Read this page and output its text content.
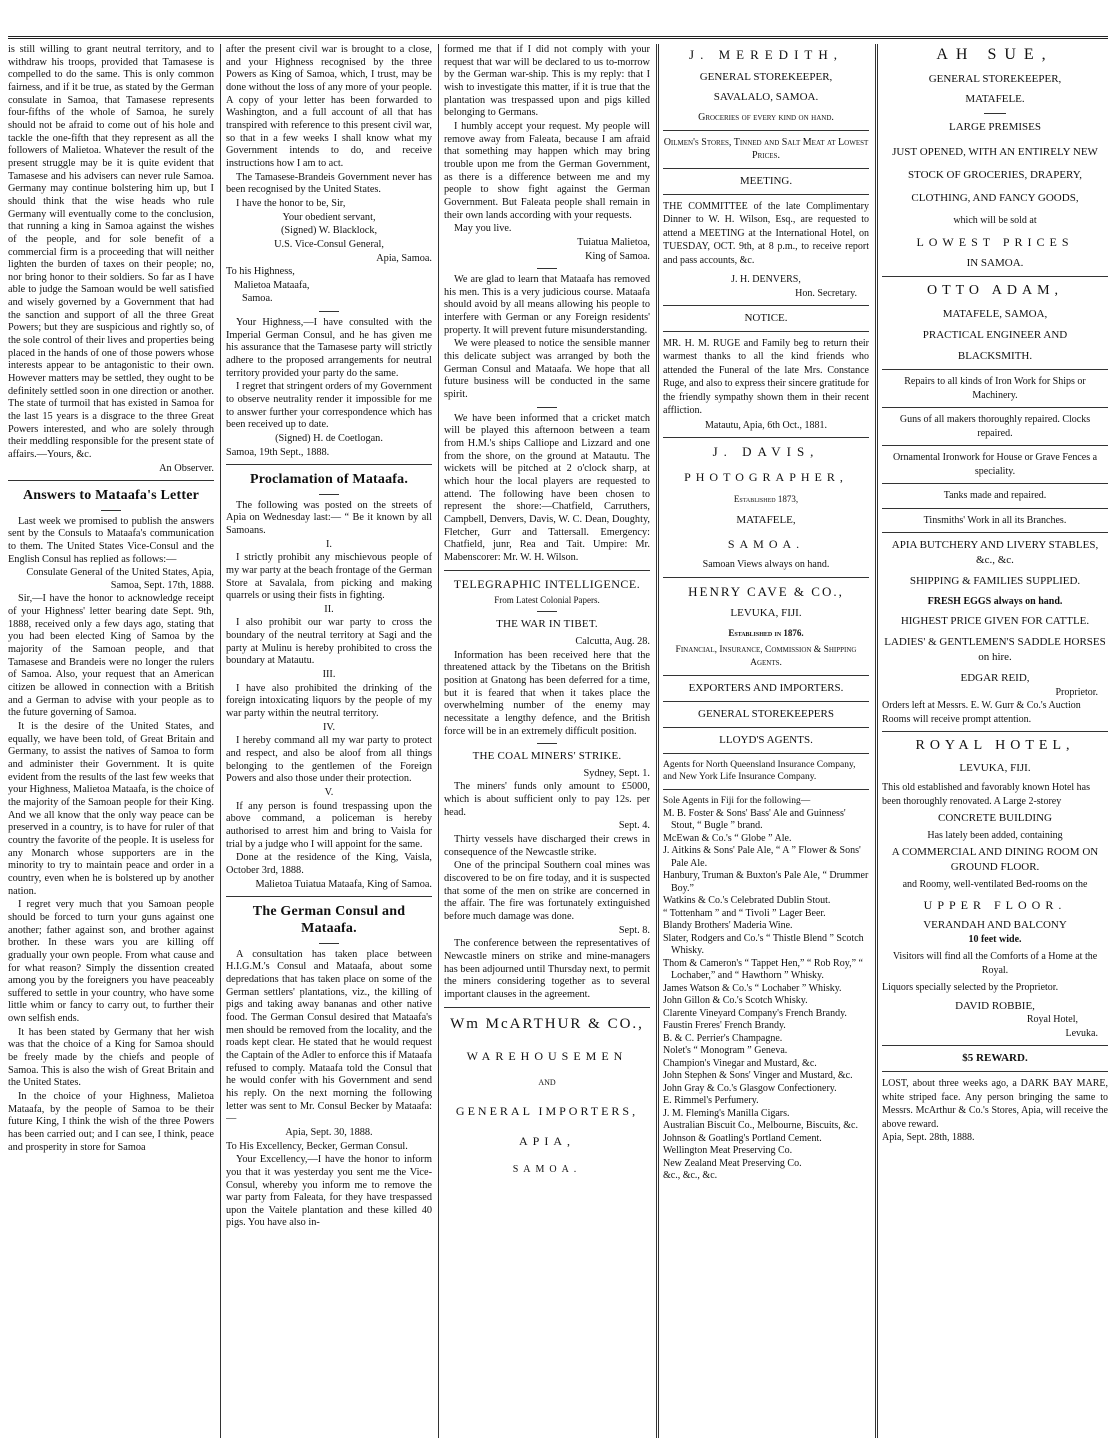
is still willing to grant neutral territory, and to withdraw his troops, provided that Tamasese is compelled to do the same. This is only common fairness, and if it be true, as stated by the German consulate in Samoa, that Tamasese represents four-fifths of the whole of Samoa, he surely should not be afraid to come out of his hole and tackle the one-fifth that they represent as all the followers of Malietoa. Whatever the result of the present struggle may be it is quite evident that Tamasese and his advisers can never rule Samoa. Germany may continue bolstering him up, but I should think that the wise heads who rule Germany will eventually come to the conclusion, that running a king in Samoa against the wishes of the people, and for sole benefit of a commercial firm is a proceeding that will neither lighten the burden of taxes on their people; no, nor bring honor to their soldiers. So far as I have able to judge the Samoan would be well satisfied and wisely governed by a Government that had the sanction and support of all the three Great Powers; but they are suspicious and rightly so, of the sole control of their lives and properties being placed in the hands of one of those powers whose interests appear to be antagonistic to their own. However matters may be settled, they ought to be definitely settled soon in one direction or another. The state of turmoil that has existed in Samoa for the last 15 years is a disgrace to the three Great Powers interested, and who are solely through their meddling responsible for the present state of affairs.—Yours, &c.

An Observer.

Answers to Mataafa's Letter

Last week we promised to publish the answers sent by the Consuls to Mataafa's communication to them. The United States Vice-Consul and the English Consul has replied as follows:—

Consulate General of the United States, Apia, Samoa, Sept. 17th, 1888.

Sir,—I have the honor to acknowledge receipt of your Highness' letter bearing date Sept. 9th, 1888, received only a few days ago, stating that you had been elected King of Samoa by the majority of the Samoan people, and that Tamasese and Brandeis were no longer the rulers of Samoa. Also, your request that an American citizen be allowed in connection with a British and a German to advise with your people as to the future governing of Samoa.

It is the desire of the United States, and equally, we have been told, of Great Britain and Germany, to assist the natives of Samoa to form and administer their Government. It is quite evident from the results of the last few weeks that your Highness, Malietoa Mataafa, is the choice of the majority of the Samoan people for their King. And we all know that the only way peace can be preserved in a country, is to have for ruler of that country the favorite of the people. It is useless for any Monarch whose supporters are in the minority to try to maintain peace and order in a country, even when he is bolstered up by another nation.

I regret very much that you Samoan people should be forced to turn your guns against one another; father against son, and brother against brother. In these wars you are killing off gradually your own people. From what cause and for what reason? Simply the dissention created among you by the foreigners you have peaceably suffered to settle in your country, who have some little whim or fancy to carry out, to further their own selfish ends.

It has been stated by Germany that her wish was that the choice of a King for Samoa should be freely made by the chiefs and people of Samoa. This is also the wish of Great Britain and the United States.

In the choice of your Highness, Malietoa Mataafa, by the people of Samoa to be their future King, I think the wish of the three Powers has been carried out; and I can see, I think, peace and prosperity in store for Samoa

after the present civil war is brought to a close, and your Highness recognised by the three Powers as King of Samoa, which, I trust, may be done without the loss of any more of your people. A copy of your letter has been forwarded to Washington, and a full account of all that has transpired with reference to this present civil war, so that in a few weeks I shall know what my Government intends to do, and receive instructions how I am to act.

The Tamasese-Brandeis Government never has been recognised by the United States.

I have the honor to be, Sir,

Your obedient servant,

(Signed) W. Blacklock,

U.S. Vice-Consul General,

Apia, Samoa.

To his Highness,

Malietoa Mataafa,

Samoa.

Your Highness,—I have consulted with the Imperial German Consul, and he has given me his assurance that the Tamasese party will strictly adhere to the proposed arrangements for neutral territory provided your party do the same.

I regret that stringent orders of my Government to observe neutrality render it impossible for me to answer further your correspondence which has been received up to date.

(Signed) H. de Coetlogan.

Samoa, 19th Sept., 1888.

Proclamation of Mataafa.

The following was posted on the streets of Apia on Wednesday last:— “ Be it known by all Samoans.

I.

I strictly prohibit any mischievous people of my war party at the beach frontage of the German Store at Savalala, from picking and making quarrels or using their fists in fighting.

II.

I also prohibit our war party to cross the boundary of the neutral territory at Sagi and the party at Mulinu is hereby prohibited to cross the boundary at Matautu.

III.

I have also prohibited the drinking of the foreign intoxicating liquors by the people of my war party within the neutral territory.

IV.

I hereby command all my war party to protect and respect, and also be aloof from all things belonging to the gentlemen of the Foreign Powers and also those under their protection.

V.

If any person is found trespassing upon the above command, a policeman is hereby authorised to arrest him and bring to Vaisla for trial by a judge who I will appoint for the same.

Done at the residence of the King, Vaisla, October 3rd, 1888.

Malietoa Tuiatua Mataafa, King of Samoa.

The German Consul and Mataafa.

A consultation has taken place between H.I.G.M.'s Consul and Mataafa, about some depredations that has taken place on some of the German settlers' plantations, viz., the killing of pigs and taking away bananas and other native food. The German Consul desired that Mataafa's men should be removed from the locality, and the roads kept clear. He stated that he would request the Captain of the Adler to enforce this if Mataafa refused to comply. Mataafa told the Consul that he would confer with his Government and send his reply. On the next morning the following letter was sent to Mr. Consul Becker by Mataafa:—

Apia, Sept. 30, 1888.

To His Excellency, Becker, German Consul.

Your Excellency,—I have the honor to inform you that it was yesterday you sent me the Vice-Consul, whereby you inform me to remove the war party from Faleata, for they have trespassed upon the Vaitele plantation and these killed 40 pigs. You have also in-

formed me that if I did not comply with your request that war will be declared to us to-morrow by the German war-ship. This is my reply: that I wish to investigate this matter, if it is true that the plantation was trespassed upon and pigs killed belonging to Germans.

I humbly accept your request. My people will remove away from Faleata, because I am afraid that something may happen which may bring trouble upon me from the German Government, as there is a difference between me and my people to show fight against the German Government. But Faleata people shall remain in their own lands according with your requests.

May you live.

Tuiatua Malietoa,

King of Samoa.

We are glad to learn that Mataafa has removed his men. This is a very judicious course. Mataafa should avoid by all means allowing his people to interfere with German or any Foreign residents' property. It will prevent future misunderstanding.

We were pleased to notice the sensible manner this delicate subject was arranged by both the German Consul and Mataafa. We hope that all future business will be conducted in the same spirit.

We have been informed that a cricket match will be played this afternoon between a team from H.M.'s ships Calliope and Lizzard and one from the shore, on the ground at Matautu. The wickets will be pitched at 2 o'clock sharp, at which hour the local players are requested to attend. The following have been chosen to represent the shore:—Chatfield, Carruthers, Campbell, Denvers, Davis, W. C. Dean, Doughty, Fletcher, Gurr and Tattersall. Emergency: Chatfield, junr, Rea and Tait. Umpire: Mr. Mabenscorer: Mr. W. H. Wilson.

TELEGRAPHIC INTELLIGENCE.

From Latest Colonial Papers.

THE WAR IN TIBET.

Calcutta, Aug. 28.

Information has been received here that the threatened attack by the Tibetans on the British position at Gnatong has been deferred for a time, but it is feared that when it takes place the overwhelming number of the enemy may necessitate a lengthy defence, and the British force will be in an extremely difficult position.

THE COAL MINERS' STRIKE.

Sydney, Sept. 1.

The miners' funds only amount to £5000, which is about sufficient only to pay 12s. per head.

Sept. 4.

Thirty vessels have discharged their crews in consequence of the Newcastle strike.

One of the principal Southern coal mines was discovered to be on fire today, and it is suspected that some of the men on strike are concerned in the affair. The fire was fortunately extinguished before much damage was done.

Sept. 8.

The conference between the representatives of Newcastle miners on strike and mine-managers has been adjourned until Thursday next, to permit the miners considering together as to several important clauses in the agreement.

Wm McARTHUR & CO.,
WAREHOUSEMEN
AND
GENERAL IMPORTERS,
APIA,
SAMOA.
J. MEREDITH,
GENERAL STOREKEEPER,
SAVALALO, SAMOA.
Groceries of every kind on hand.
Oilmen's Stores, Tinned and Salt Meat at Lowest Prices.
MEETING.

THE COMMITTEE of the late Complimentary Dinner to W. H. Wilson, Esq., are requested to attend a MEETING at the International Hotel, on TUESDAY, OCT. 9th, at 8 p.m., to receive report and pass accounts, &c.

J. H. DENVERS,
Hon. Secretary.
NOTICE.

MR. H. M. RUGE and Family beg to return their warmest thanks to all the kind friends who attended the Funeral of the late Mrs. Constance Ruge, and also to express their sincere gratitude for the friendly sympathy shown them in their recent affliction.

Matautu, Apia, 6th Oct., 1881.
J. DAVIS,
PHOTOGRAPHER,
Established 1873,
MATAFELE,
SAMOA.
Samoan Views always on hand.
HENRY CAVE & CO.,
LEVUKA, FIJI.
Established in 1876.
Financial, Insurance, Commission & Shipping Agents.
EXPORTERS AND IMPORTERS.
GENERAL STOREKEEPERS
LLOYD'S AGENTS.

Agents for North Queensland Insurance Company, and New York Life Insurance Company.

Sole Agents in Fiji for the following—
M. B. Foster & Sons' Bass' Ale and Guinness' Stout, “ Bugle ” brand.
McEwan & Co.'s “ Globe ” Ale.
J. Aitkins & Sons' Pale Ale, “ A ” Flower & Sons' Pale Ale.
Hanbury, Truman & Buxton's Pale Ale, “ Drummer Boy.”
Watkins & Co.'s Celebrated Dublin Stout.
“ Tottenham ” and “ Tivoli ” Lager Beer.
Blandy Brothers' Maderia Wine.
Slater, Rodgers and Co.'s “ Thistle Blend ” Scotch Whisky.
Thom & Cameron's “ Tappet Hen,” “ Rob Roy,” “ Lochaber,” and “ Hawthorn ” Whisky.
James Watson & Co.'s “ Lochaber ” Whisky.
John Gillon & Co.'s Scotch Whisky.
Clarente Vineyard Company's French Brandy.
Faustin Freres' French Brandy.
B. & C. Perrier's Champagne.
Nolet's “ Monogram ” Geneva.
Champion's Vinegar and Mustard, &c.
John Stephen & Sons' Vinger and Mustard, &c.
John Gray & Co.'s Glasgow Confectionery.
E. Rimmel's Perfumery.
J. M. Fleming's Manilla Cigars.
Australian Biscuit Co., Melbourne, Biscuits, &c.
Johnson & Goatling's Portland Cement.
Wellington Meat Preserving Co.
New Zealand Meat Preserving Co.
&c., &c., &c.
AH SUE,
GENERAL STOREKEEPER,
MATAFELE.
LARGE PREMISES
JUST OPENED, WITH AN ENTIRELY NEW STOCK OF GROCERIES, DRAPERY, CLOTHING, AND FANCY GOODS,
which will be sold at
LOWEST PRICES
IN SAMOA.
OTTO ADAM,
MATAFELE, SAMOA,
PRACTICAL ENGINEER AND
BLACKSMITH.
Repairs to all kinds of Iron Work for Ships or Machinery.
Guns of all makers thoroughly repaired. Clocks repaired.
Ornamental Ironwork for House or Grave Fences a speciality.
Tanks made and repaired.
Tinsmiths' Work in all its Branches.
APIA BUTCHERY AND LIVERY STABLES, &c., &c.
SHIPPING & FAMILIES SUPPLIED.
FRESH EGGS always on hand.
HIGHEST PRICE GIVEN FOR CATTLE.
LADIES' & GENTLEMEN'S SADDLE HORSES on hire.
EDGAR REID,
Proprietor.
Orders left at Messrs. E. W. Gurr & Co.'s Auction Rooms will receive prompt attention.
ROYAL HOTEL,
LEVUKA, FIJI.
This old established and favorably known Hotel has been thoroughly renovated. A Large 2-storey
CONCRETE BUILDING
Has lately been added, containing
A COMMERCIAL AND DINING ROOM ON GROUND FLOOR.
and Roomy, well-ventilated Bed-rooms on the
UPPER FLOOR.
VERANDAH AND BALCONY
10 feet wide.
Visitors will find all the Comforts of a Home at the Royal.
Liquors specially selected by the Proprietor.
DAVID ROBBIE,
Royal Hotel,
Levuka.
$5 REWARD.
LOST, about three weeks ago, a DARK BAY MARE, white striped face. Any person bringing the same to Messrs. McArthur & Co.'s Stores, Apia, will receive the above reward.
Apia, Sept. 28th, 1888.
